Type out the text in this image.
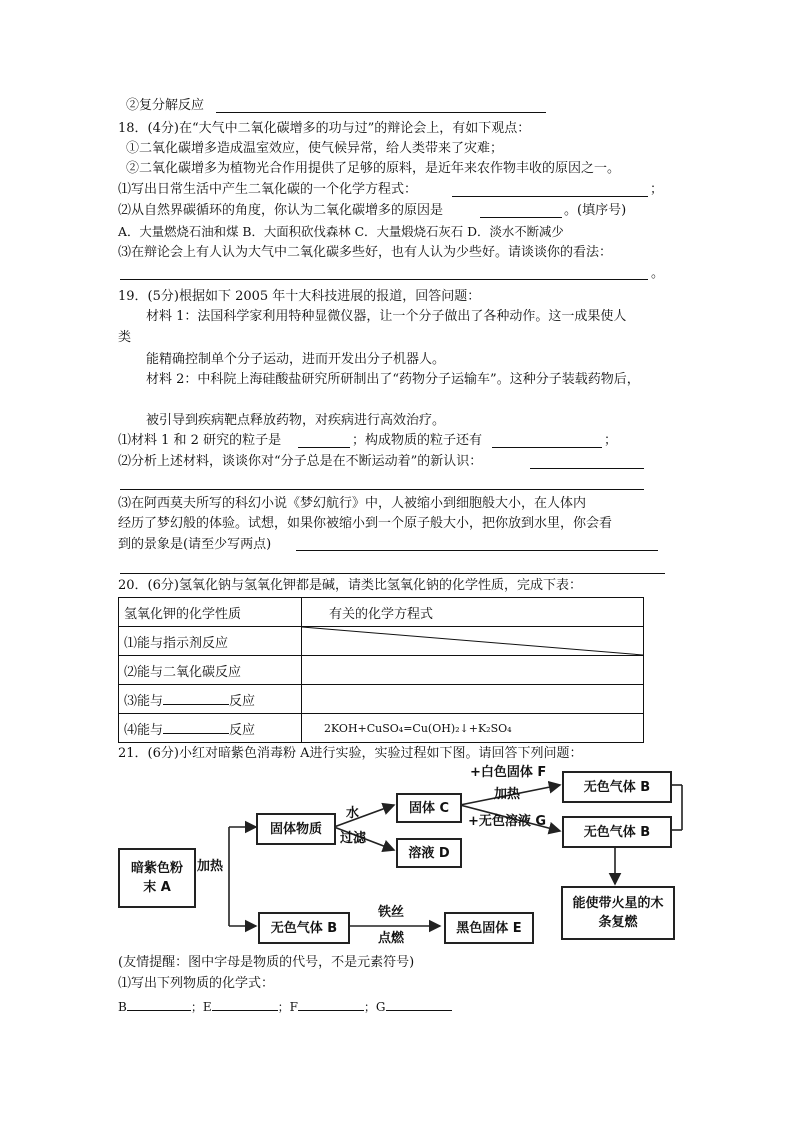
②复分解反应
18．(4分)在“大气中二氧化碳增多的功与过”的辩论会上，有如下观点：
①二氧化碳增多造成温室效应，使气候异常，给人类带来了灾难；
②二氧化碳增多为植物光合作用提供了足够的原料，是近年来农作物丰收的原因之一。
⑴写出日常生活中产生二氧化碳的一个化学方程式：	；
⑵从自然界碳循环的角度，你认为二氧化碳增多的原因是	。(填序号)
A．大量燃烧石油和煤 B．大面积砍伐森林 C．大量煅烧石灰石 D．淡水不断减少
⑶在辩论会上有人认为大气中二氧化碳多些好，也有人认为少些好。请谈谈你的看法：
。
19．(5分)根据如下 2005 年十大科技进展的报道，回答问题：
材料 1：法国科学家利用特种显微仪器，让一个分子做出了各种动作。这一成果使人
类
能精确控制单个分子运动，进而开发出分子机器人。
材料 2：中科院上海硅酸盐研究所研制出了“药物分子运输车”。这种分子装载药物后，
被引导到疾病靶点释放药物，对疾病进行高效治疗。
⑴材料 1 和 2 研究的粒子是	；构成物质的粒子还有	；
⑵分析上述材料，谈谈你对“分子总是在不断运动着”的新认识：
⑶在阿西莫夫所写的科幻小说《梦幻航行》中，人被缩小到细胞般大小，在人体内
经历了梦幻般的体验。试想，如果你被缩小到一个原子般大小，把你放到水里，你会看
到的景象是(请至少写两点)
20．(6分)氢氧化钠与氢氧化钾都是碱，请类比氢氧化钠的化学性质，完成下表：
氢氧化钾的化学性质	有关的化学方程式
⑴能与指示剂反应	

⑵能与二氧化碳反应	
⑶能与 反应	
⑷能与 反应	2KOH+CuSO₄=Cu(OH)₂↓+K₂SO₄
21．(6分)小红对暗紫色消毒粉 A进行实验，实验过程如下图。请回答下列问题：
暗紫色粉末 A
加热
固体物质
水
过滤
固体 C
溶液 D
+白色固体 F
加热
+无色溶液 G
无色气体 B
无色气体 B
能使带火星的木条复燃
无色气体 B
铁丝
点燃
黑色固体 E
(友情提醒：图中字母是物质的代号，不是元素符号)
⑴写出下列物质的化学式：
B	；E	；F	；G
